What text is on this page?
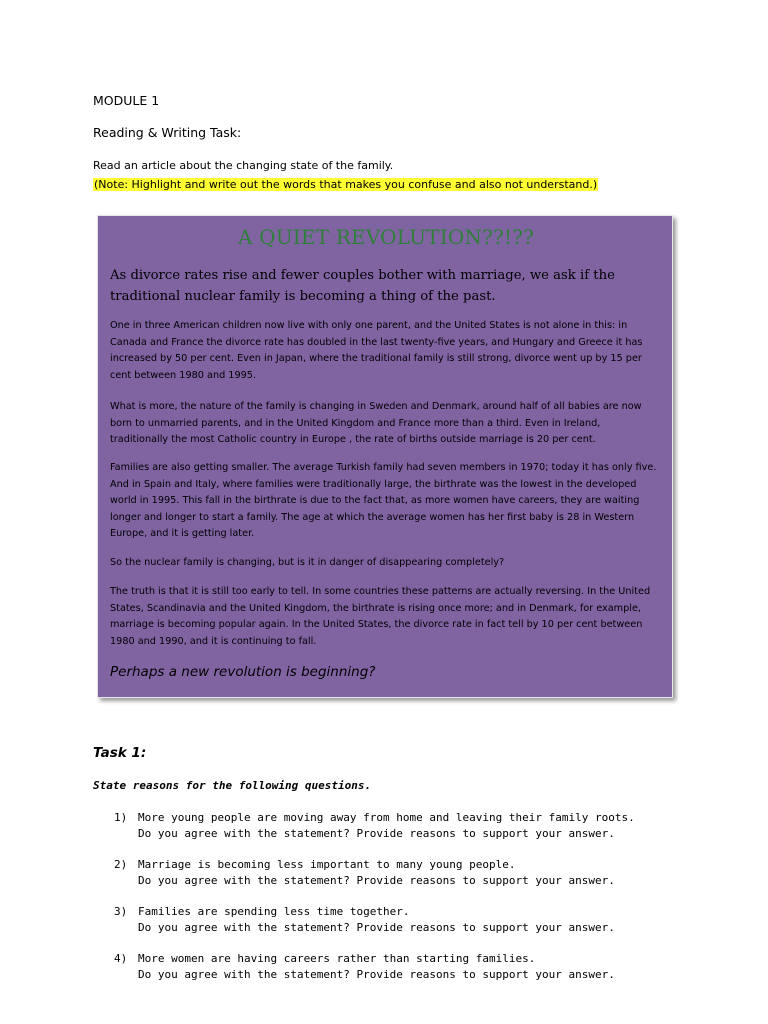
MODULE 1
Reading & Writing Task:
Read an article about the changing state of the family.
(Note: Highlight and write out the words that makes you confuse and also not understand.)
A QUIET REVOLUTION??!??
As divorce rates rise and fewer couples bother with marriage, we ask if the traditional nuclear family is becoming a thing of the past.
One in three American children now live with only one parent, and the United States is not alone in this: in Canada and France the divorce rate has doubled in the last twenty-five years, and Hungary and Greece it has increased by 50 per cent. Even in Japan, where the traditional family is still strong, divorce went up by 15 per cent between 1980 and 1995.
What is more, the nature of the family is changing in Sweden and Denmark, around half of all babies are now born to unmarried parents, and in the United Kingdom and France more than a third. Even in Ireland, traditionally the most Catholic country in Europe , the rate of births outside marriage is 20 per cent.
Families are also getting smaller. The average Turkish family had seven members in 1970; today it has only five. And in Spain and Italy, where families were traditionally large, the birthrate was the lowest in the developed world in 1995. This fall in the birthrate is due to the fact that, as more women have careers, they are waiting longer and longer to start a family. The age at which the average women has her first baby is 28 in Western Europe, and it is getting later.
So the nuclear family is changing, but is it in danger of disappearing completely?
The truth is that it is still too early to tell. In some countries these patterns are actually reversing. In the United States, Scandinavia and the United Kingdom, the birthrate is rising once more; and in Denmark, for example, marriage is becoming popular again. In the United States, the divorce rate in fact tell by 10 per cent between 1980 and 1990, and it is continuing to fall.
Perhaps a new revolution is beginning?
Task 1:
State reasons for the following questions.
1) More young people are moving away from home and leaving their family roots.
Do you agree with the statement? Provide reasons to support your answer.
2) Marriage is becoming less important to many young people.
Do you agree with the statement? Provide reasons to support your answer.
3) Families are spending less time together.
Do you agree with the statement? Provide reasons to support your answer.
4) More women are having careers rather than starting families.
Do you agree with the statement? Provide reasons to support your answer.
